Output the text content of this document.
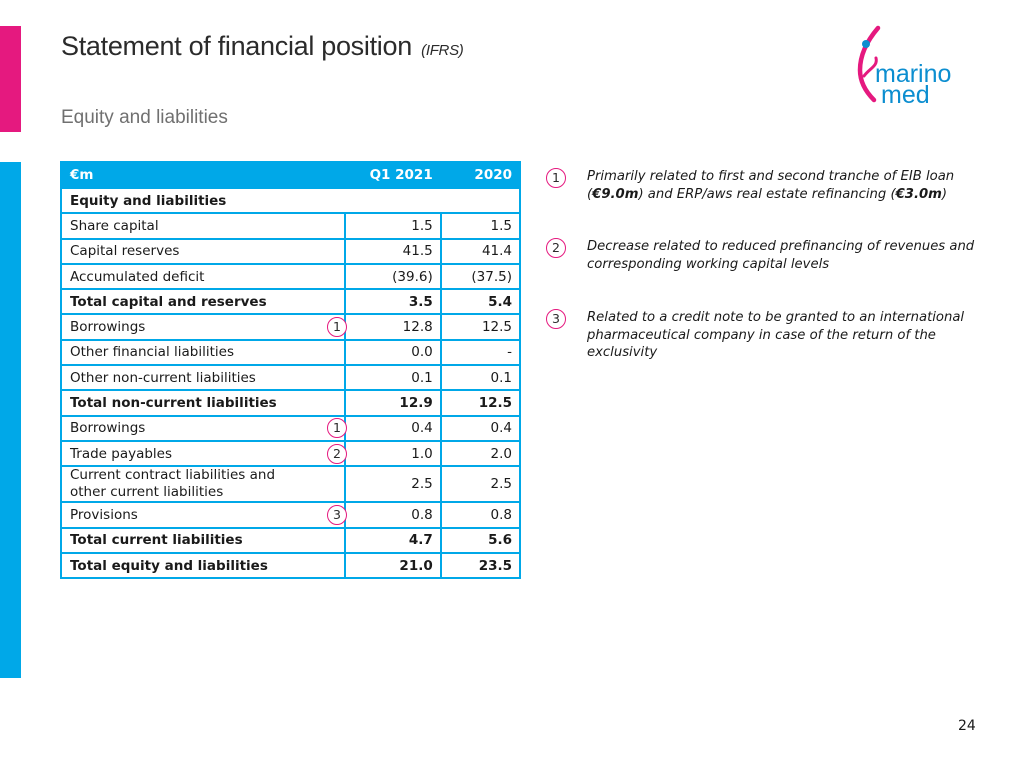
Statement of financial position (IFRS)
Equity and liabilities
marino
med
€m	Q1 2021	2020
Equity and liabilities		
Share capital	1.5	1.5
Capital reserves	41.5	41.4
Accumulated deficit	(39.6)	(37.5)
Total capital and reserves	3.5	5.4
Borrowings 1	12.8	12.5
Other financial liabilities	0.0	-
Other non-current liabilities	0.1	0.1
Total non-current liabilities	12.9	12.5
Borrowings 1	0.4	0.4
Trade payables 2	1.0	2.0
Current contract liabilities and
other current liabilities	2.5	2.5
Provisions 3	0.8	0.8
Total current liabilities	4.7	5.6
Total equity and liabilities	21.0	23.5
1	Primarily related to first and second tranche of EIB loan (€9.0m) and ERP/aws real estate refinancing (€3.0m)
2	Decrease related to reduced prefinancing of revenues and corresponding working capital levels
3	Related to a credit note to be granted to an international pharmaceutical company in case of the return of the exclusivity
24
